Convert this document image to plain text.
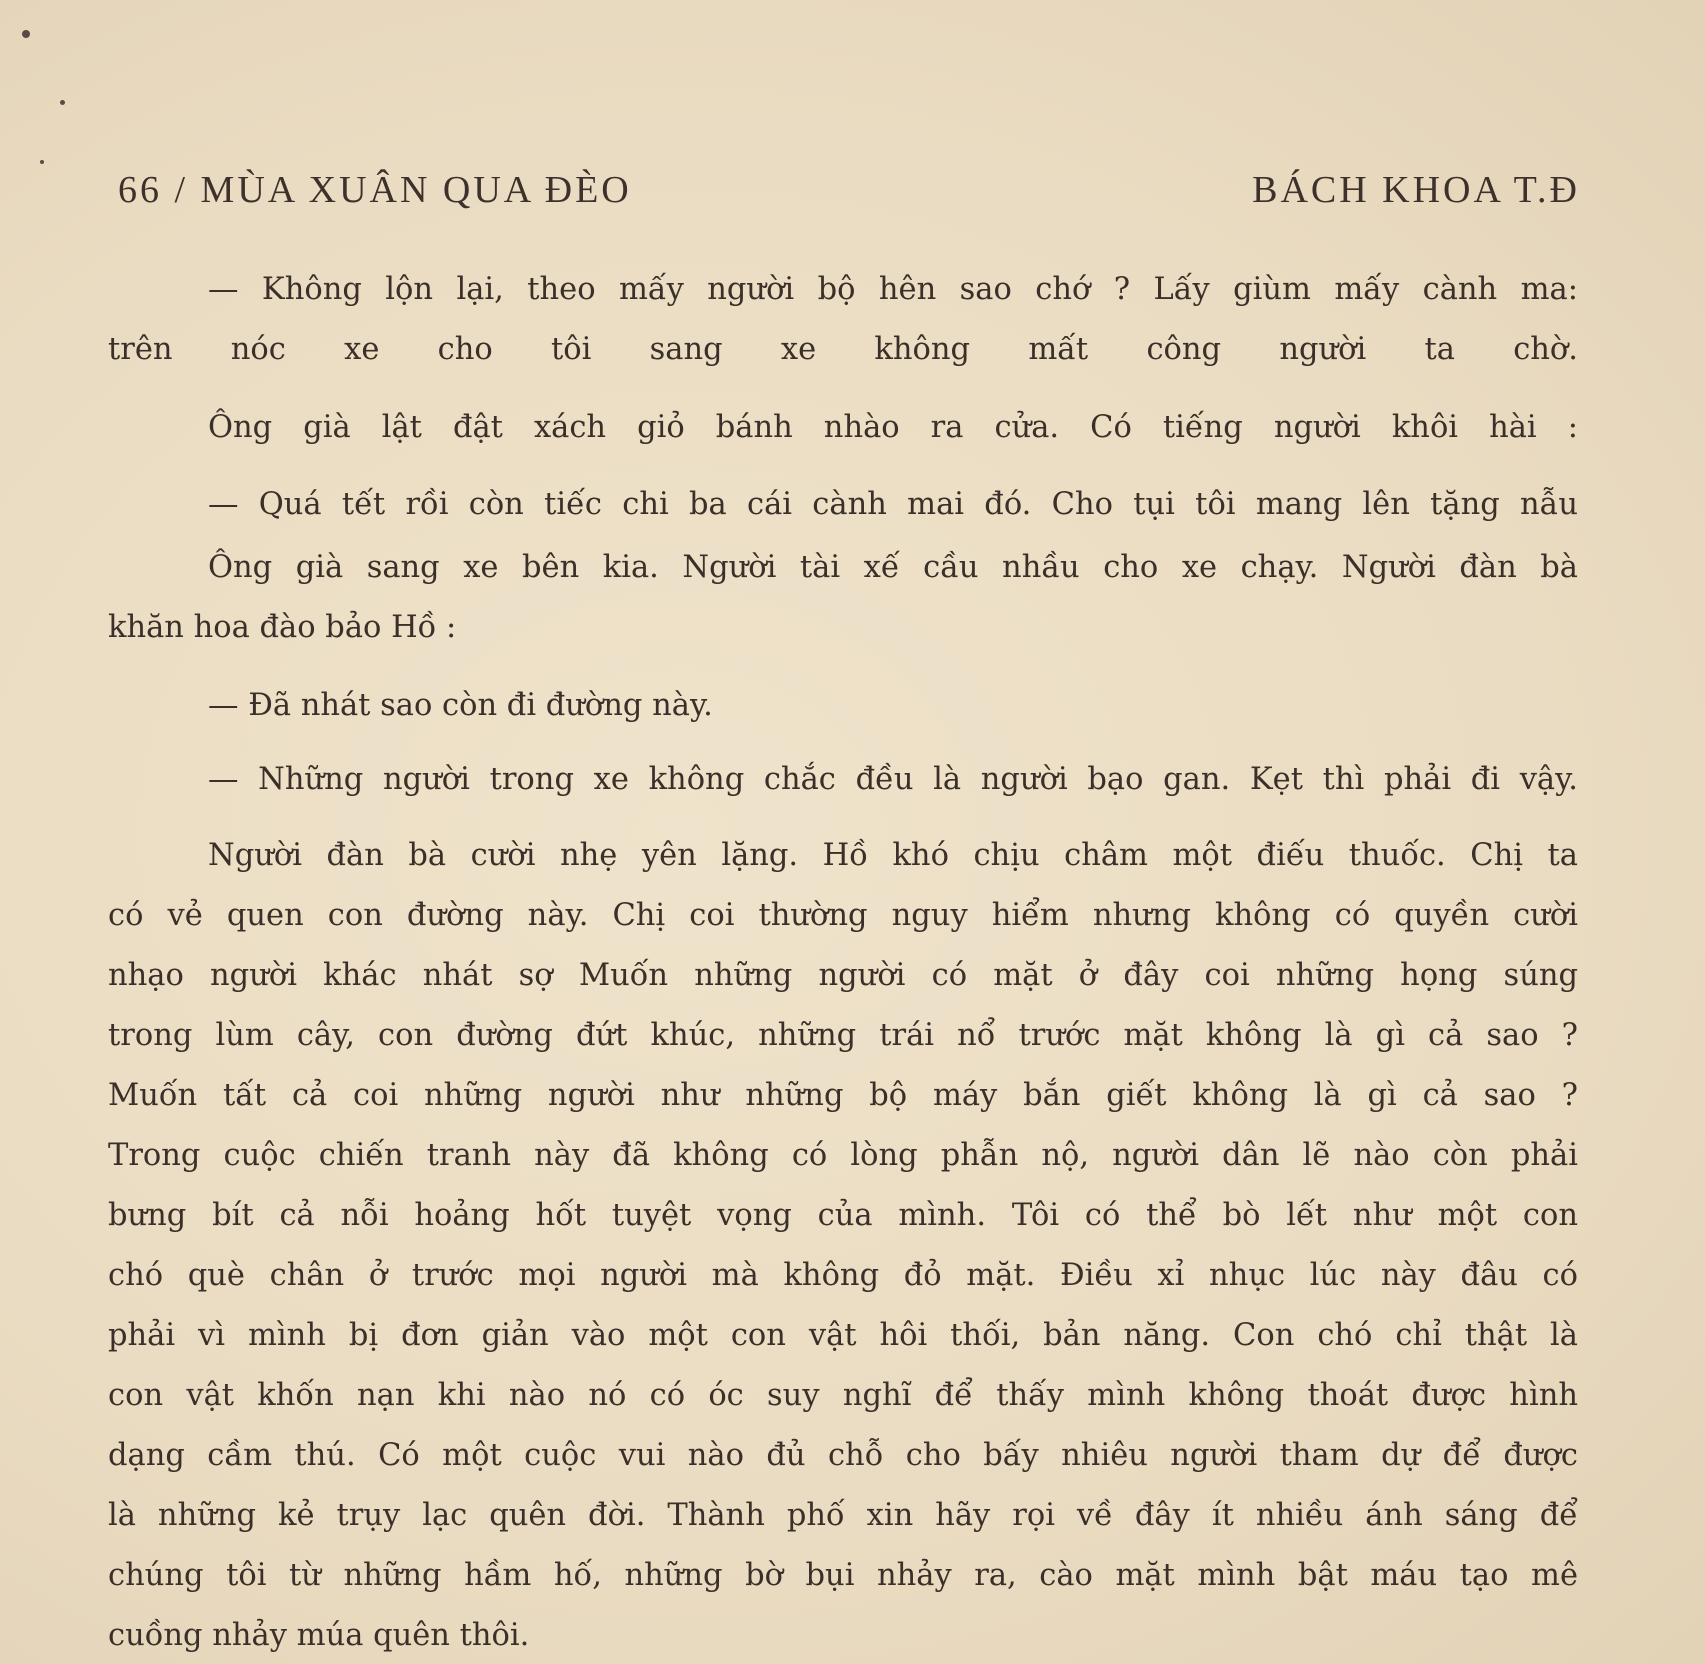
66 / MÙA XUÂN QUA ĐÈO	BÁCH KHOA T.Đ
— Không lộn lại, theo mấy người bộ hên sao chớ ? Lấy giùm mấy cành ma:
trên nóc xe cho tôi sang xe không mất công người ta chờ.
Ông già lật đật xách giỏ bánh nhào ra cửa. Có tiếng người khôi hài :
— Quá tết rồi còn tiếc chi ba cái cành mai đó. Cho tụi tôi mang lên tặng nẫu
Ông già sang xe bên kia. Người tài xế cầu nhầu cho xe chạy. Người đàn bà
khăn hoa đào bảo Hồ :
— Đã nhát sao còn đi đường này.
— Những người trong xe không chắc đều là người bạo gan. Kẹt thì phải đi vậy.
Người đàn bà cười nhẹ yên lặng. Hồ khó chịu châm một điếu thuốc. Chị ta
có vẻ quen con đường này. Chị coi thường nguy hiểm nhưng không có quyền cười
nhạo người khác nhát sợ Muốn những người có mặt ở đây coi những họng súng
trong lùm cây, con đường đứt khúc, những trái nổ trước mặt không là gì cả sao ?
Muốn tất cả coi những người như những bộ máy bắn giết không là gì cả sao ?
Trong cuộc chiến tranh này đã không có lòng phẫn nộ, người dân lẽ nào còn phải
bưng bít cả nỗi hoảng hốt tuyệt vọng của mình. Tôi có thể bò lết như một con
chó què chân ở trước mọi người mà không đỏ mặt. Điều xỉ nhục lúc này đâu có
phải vì mình bị đơn giản vào một con vật hôi thối, bản năng. Con chó chỉ thật là
con vật khốn nạn khi nào nó có óc suy nghĩ để thấy mình không thoát được hình
dạng cầm thú. Có một cuộc vui nào đủ chỗ cho bấy nhiêu người tham dự để được
là những kẻ trụy lạc quên đời. Thành phố xin hãy rọi về đây ít nhiều ánh sáng để
chúng tôi từ những hầm hố, những bờ bụi nhảy ra, cào mặt mình bật máu tạo mê
cuồng nhảy múa quên thôi.
